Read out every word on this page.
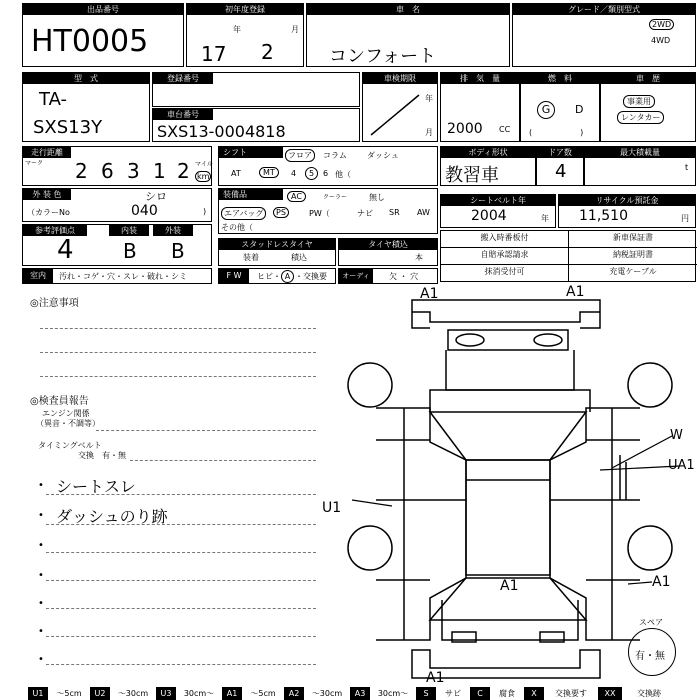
出品番号
HT0005
初年度登録
年	月
17 2
車　名
コンフォート
グレード／類別型式
2WD
4WD
型　式
TA-
SXS13Y
登録番号
車台番号
SXS13-0004818
車検期限
年
月
排　気　量
2000 CC
燃　料
G	D
(　　　　　　)
車　歴
事業用
レンタカー
走行距離
マーク 2 6 3 1 2 マイル
km
シフト	フロア	コラム	ダッシュ
AT	MT	4	5	6 他（
ボディ形状
教習車
ドア数
4
最大積載量
t
外 装 色
（カラーNo	)
シロ
040
装備品	AC	クーラー	無し
エアバッグ	PS	PW（	ナビ SR AW
その他（
シートベルト年
2004	年
リサイクル預託金
11,510	円
参考評価点	内装	外装
4 B B	スタッドレスタイヤ
装着	積込
タイヤ積込
本
搬入時番板付	新車保証書
自賠承認請求	納税証明書
抹消受付可	充電ケーブル
室内	汚れ・コゲ・穴・スレ・破れ・シミ	F W	ヒビ・ A ・交換要	オーディオ
欠 ・ 穴
◎注意事項
◎検査員報告
エンジン関係
（異音・不調等）
タイミングベルト
交換　有・無
• シートスレ
• ダッシュのり跡
•
•
•
•
•
A1	A1
W
UA1
U1
A1	A1
A1
スペア
有・無
U1	～5cm	U2	～30cm	U3	30cm～	A1	～5cm	A2	～30cm	A3	30cm～	S	サビ	C	腐食	X	交換要す	XX	交換跡
